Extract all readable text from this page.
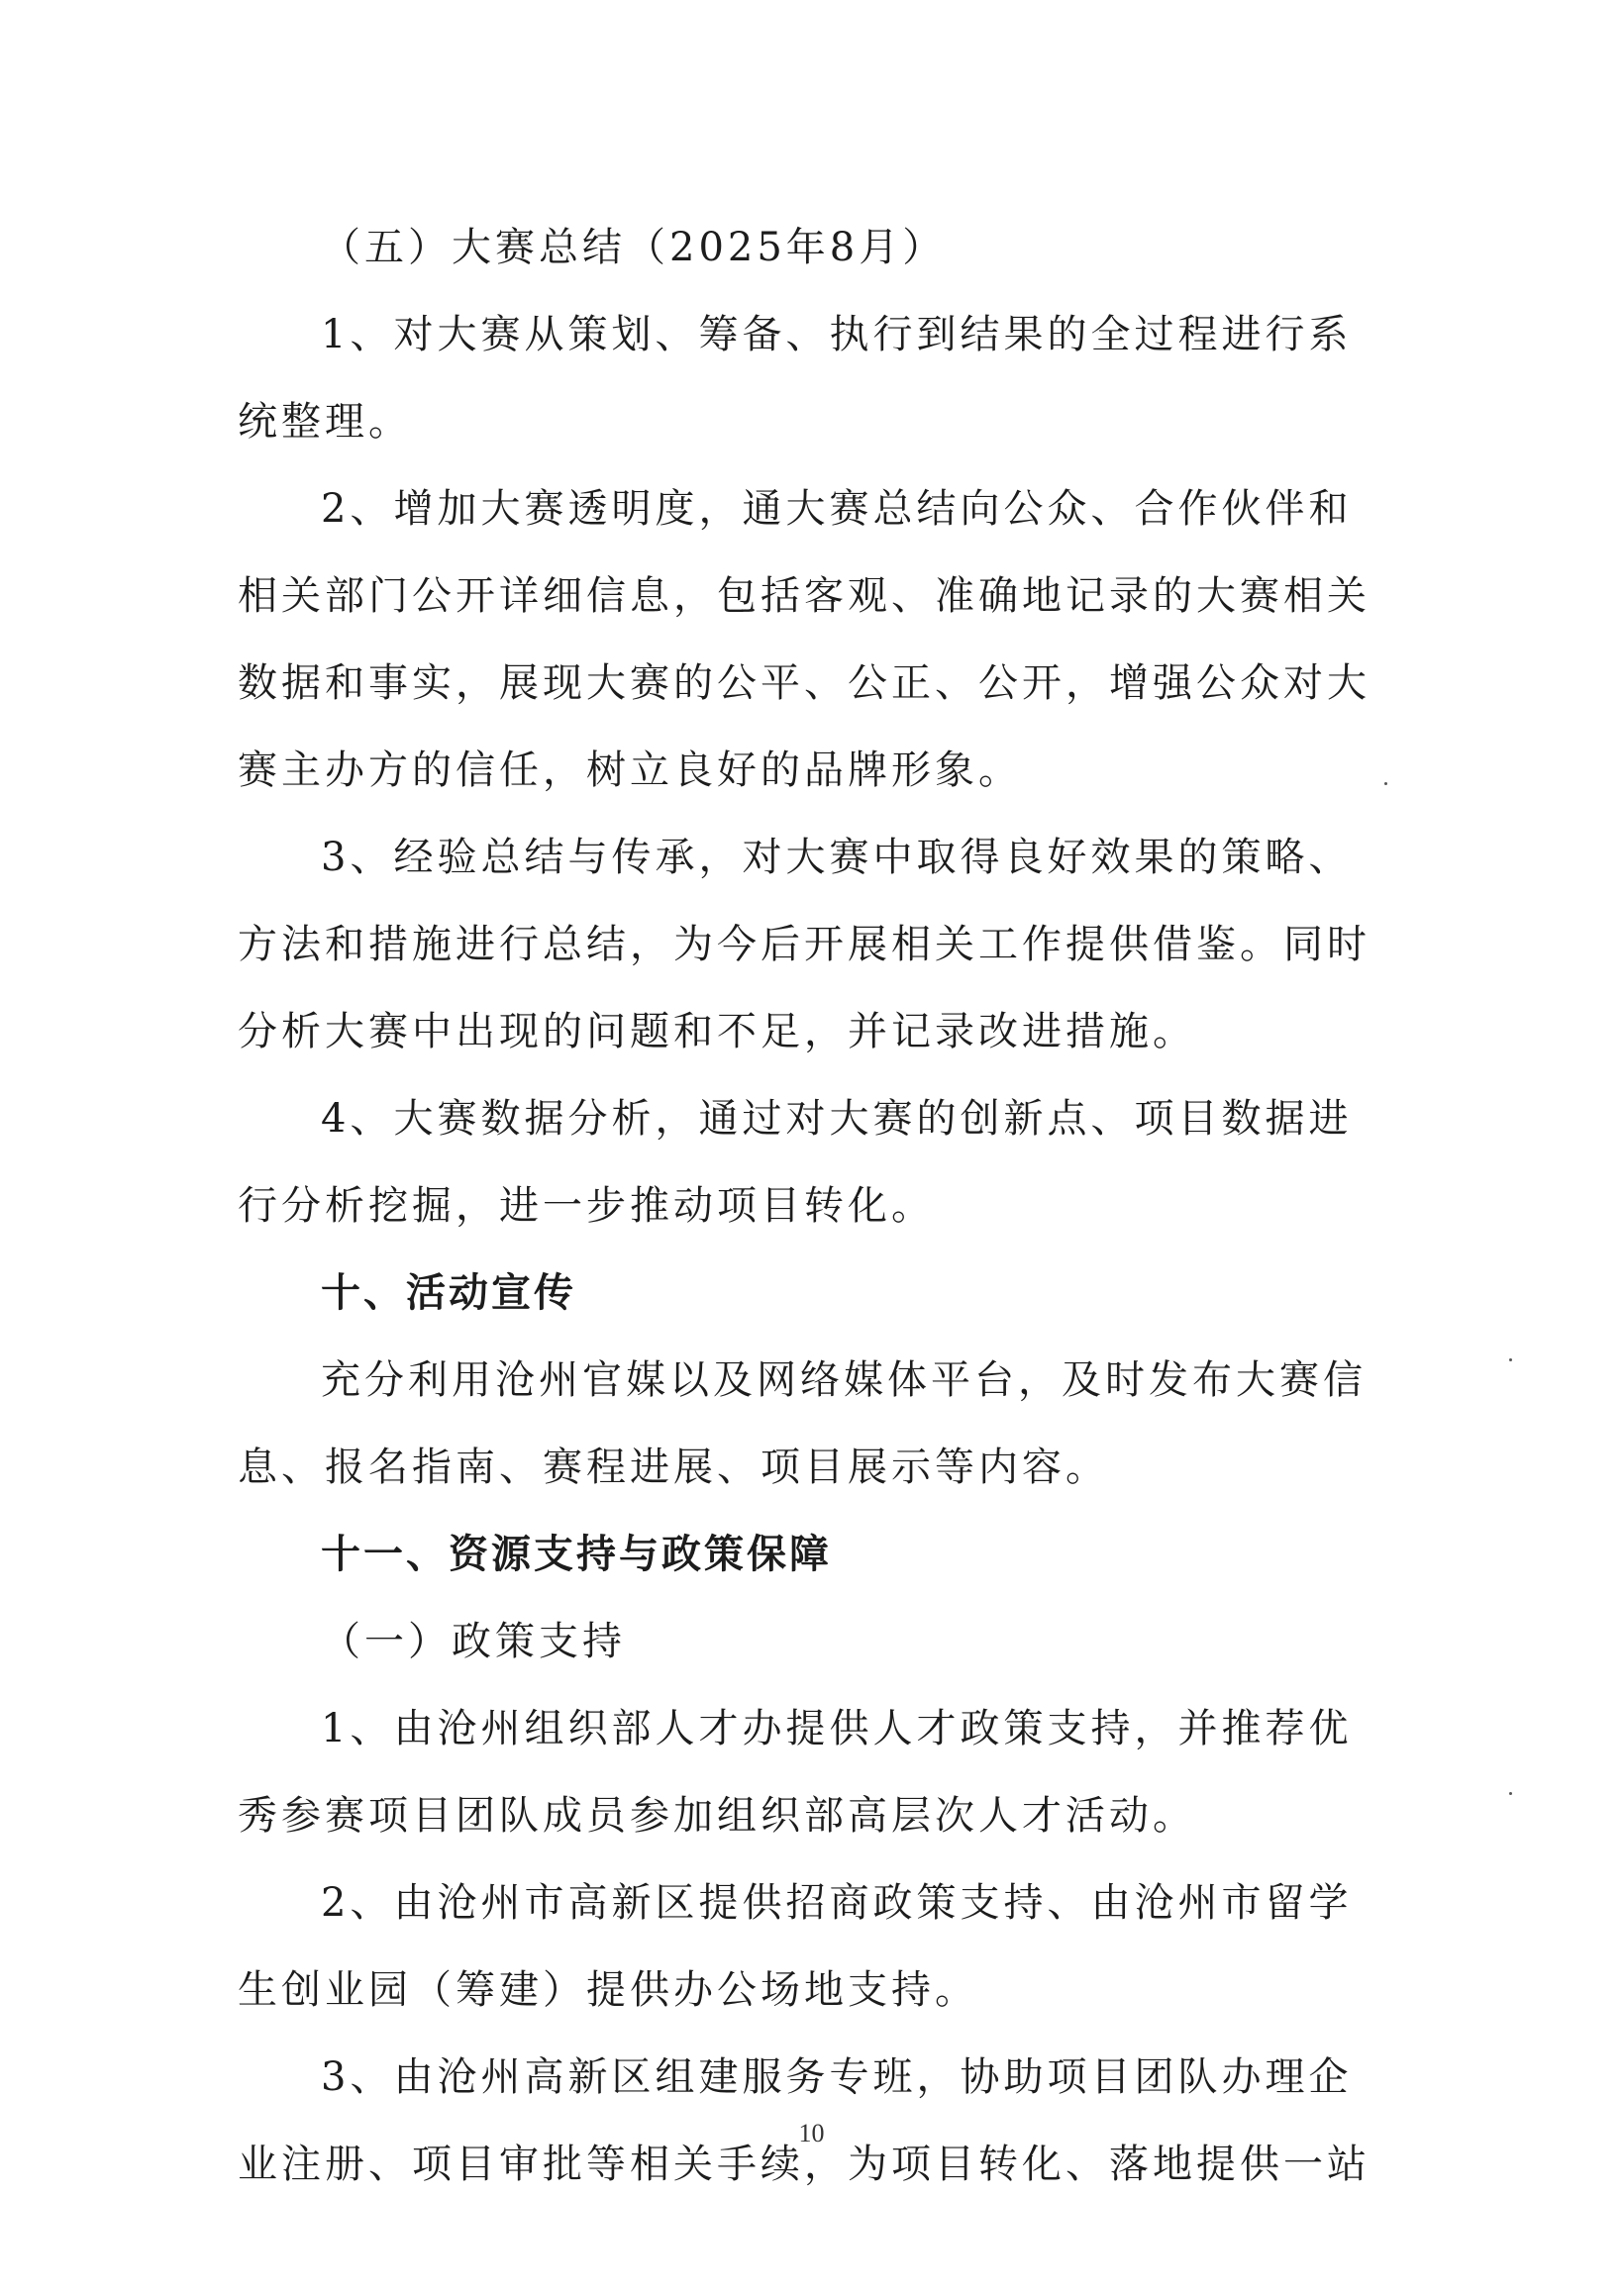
（五）大赛总结（2025年8月）
1、对大赛从策划、筹备、执行到结果的全过程进行系
统整理。
2、增加大赛透明度，通大赛总结向公众、合作伙伴和
相关部门公开详细信息，包括客观、准确地记录的大赛相关
数据和事实，展现大赛的公平、公正、公开，增强公众对大
赛主办方的信任，树立良好的品牌形象。
3、经验总结与传承，对大赛中取得良好效果的策略、
方法和措施进行总结，为今后开展相关工作提供借鉴。同时
分析大赛中出现的问题和不足，并记录改进措施。
4、大赛数据分析，通过对大赛的创新点、项目数据进
行分析挖掘，进一步推动项目转化。
十、活动宣传
充分利用沧州官媒以及网络媒体平台，及时发布大赛信
息、报名指南、赛程进展、项目展示等内容。
十一、资源支持与政策保障
（一）政策支持
1、由沧州组织部人才办提供人才政策支持，并推荐优
秀参赛项目团队成员参加组织部高层次人才活动。
2、由沧州市高新区提供招商政策支持、由沧州市留学
生创业园（筹建）提供办公场地支持。
3、由沧州高新区组建服务专班，协助项目团队办理企
业注册、项目审批等相关手续，为项目转化、落地提供一站
10
